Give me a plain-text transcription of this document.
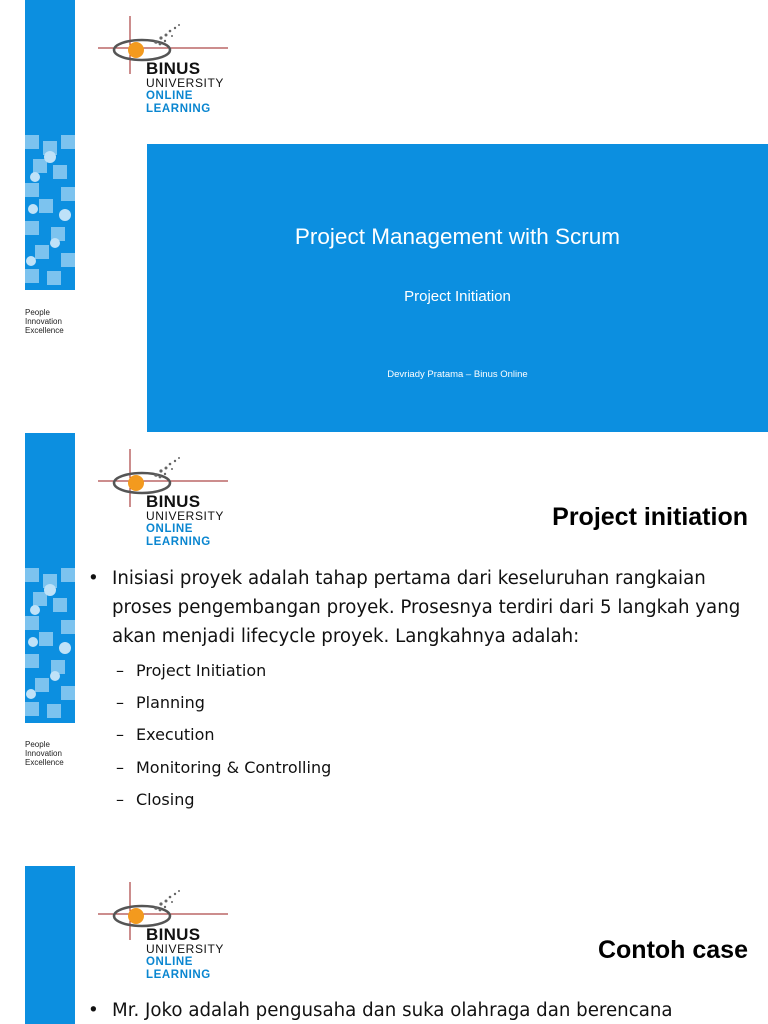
People
Innovation
Excellence
BINUS
UNIVERSITY
ONLINE
LEARNING
Project Management with Scrum
Project Initiation
Devriady Pratama – Binus Online
People
Innovation
Excellence
BINUS
UNIVERSITY
ONLINE
LEARNING
Project initiation
• Inisiasi proyek adalah tahap pertama dari keseluruhan rangkaian proses pengembangan proyek. Prosesnya terdiri dari 5 langkah yang akan menjadi lifecycle proyek. Langkahnya adalah:
– Project Initiation
– Planning
– Execution
– Monitoring & Controlling
– Closing
BINUS
UNIVERSITY
ONLINE
LEARNING
Contoh case
• Mr. Joko adalah pengusaha dan suka olahraga dan berencana
